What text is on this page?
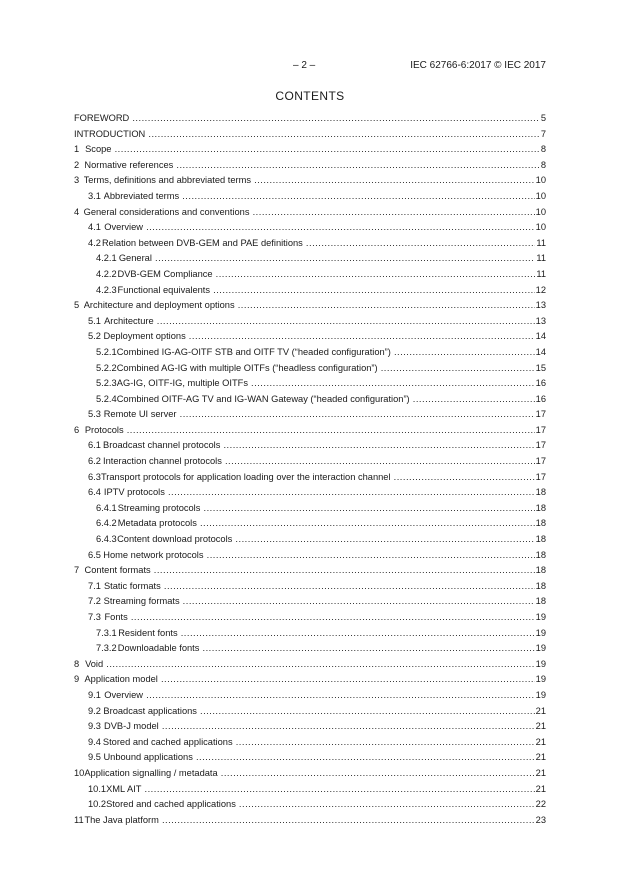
– 2 –	IEC 62766-6:2017 © IEC 2017
CONTENTS
FOREWORD .....	5
INTRODUCTION .....	7
1 Scope .....	8
2 Normative references .....	8
3 Terms, definitions and abbreviated terms .....	10
3.1 Abbreviated terms .....	10
4 General considerations and conventions .....	10
4.1 Overview .....	10
4.2 Relation between DVB-GEM and PAE definitions .....	11
4.2.1 General .....	11
4.2.2 DVB-GEM Compliance .....	11
4.2.3 Functional equivalents .....	12
5 Architecture and deployment options .....	13
5.1 Architecture .....	13
5.2 Deployment options .....	14
5.2.1 Combined IG-AG-OITF STB and OITF TV (“headed configuration”) .....	14
5.2.2 Combined AG-IG with multiple OITFs (“headless configuration”) .....	15
5.2.3 AG-IG, OITF-IG, multiple OITFs .....	16
5.2.4 Combined OITF-AG TV and IG-WAN Gateway (“headed configuration”) .....	16
5.3 Remote UI server .....	17
6 Protocols .....	17
6.1 Broadcast channel protocols .....	17
6.2 Interaction channel protocols .....	17
6.3 Transport protocols for application loading over the interaction channel .....	17
6.4 IPTV protocols .....	18
6.4.1 Streaming protocols .....	18
6.4.2 Metadata protocols .....	18
6.4.3 Content download protocols .....	18
6.5 Home network protocols .....	18
7 Content formats .....	18
7.1 Static formats .....	18
7.2 Streaming formats .....	18
7.3 Fonts .....	19
7.3.1 Resident fonts .....	19
7.3.2 Downloadable fonts .....	19
8 Void .....	19
9 Application model .....	19
9.1 Overview .....	19
9.2 Broadcast applications .....	21
9.3 DVB-J model .....	21
9.4 Stored and cached applications .....	21
9.5 Unbound applications .....	21
10 Application signalling / metadata .....	21
10.1 XML AIT .....	21
10.2 Stored and cached applications .....	22
11 The Java platform .....	23
